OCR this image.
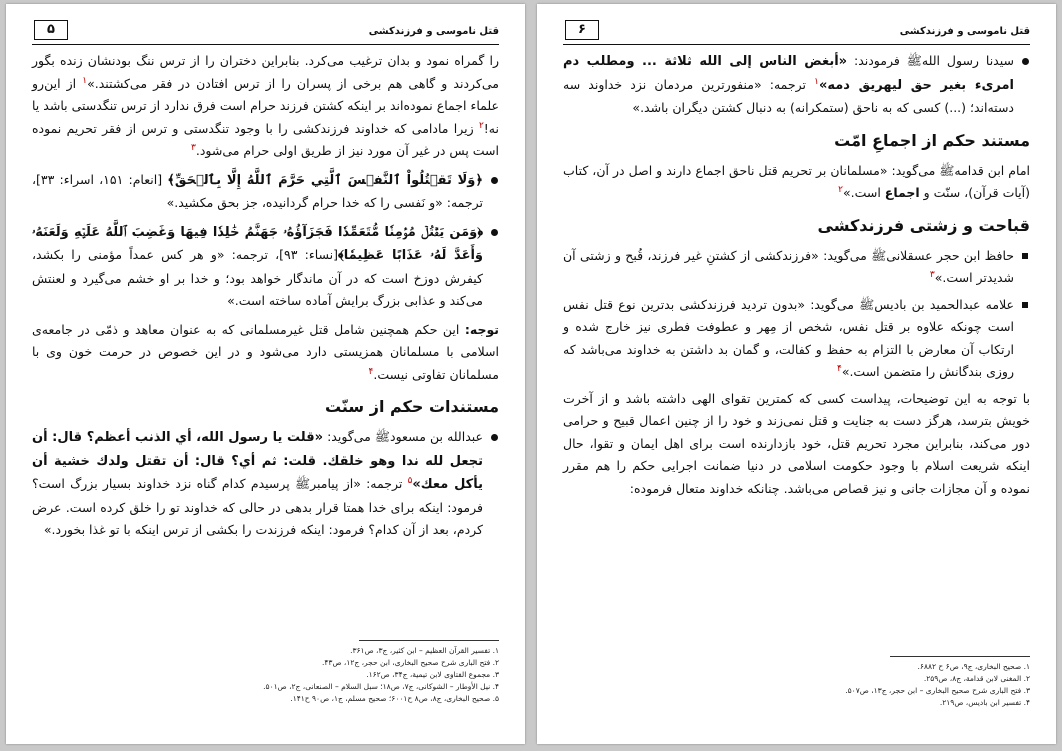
قتل ناموسی و فرزندکشی
۵

را گمراه نمود و بدان ترغیب می‌کرد. بنابراین دختران را از ترس ننگ بودنشان زنده بگور می‌کردند و گاهی هم برخی از پسران را از ترس افتادن در فقر می‌کشتند.»$^۱$ از این‌رو علماء اجماع نموده‌اند بر اینکه کشتن فرزند حرام است فرق ندارد از ترس تنگدستی باشد یا نه!$^۲$ زیرا مادامی که خداوند فرزندکشی را با وجود تنگدستی و ترس از فقر تحریم نموده است پس در غیر آن مورد نیز از طریق اولی حرام می‌شود.$^۳$

﴿وَلَا تَقۡتُلُواْ ٱلنَّفۡسَ ٱلَّتِي حَرَّمَ ٱللَّهُ إِلَّا بِٱلۡحَقِّ﴾ [انعام: ۱۵۱، اسراء: ۳۳]، ترجمه: «و نَفسی را که خدا حرام گردانیده، جز بحق مکشید.»

﴿وَمَن يَقۡتُلۡ مُؤۡمِنٗا مُّتَعَمِّدٗا فَجَزَآؤُهُۥ جَهَنَّمُ خَٰلِدٗا فِيهَا وَغَضِبَ ٱللَّهُ عَلَيۡهِ وَلَعَنَهُۥ وَأَعَدَّ لَهُۥ عَذَابًا عَظِيمٗا﴾[نساء: ۹۳]، ترجمه: «و هر کس عمداً مؤمنی را بکشد، کیفرش دوزخ است که در آن ماندگار خواهد بود؛ و خدا بر او خشم می‌گیرد و لعنتش می‌کند و عذابی بزرگ برایش آماده ساخته است.»

توجه: این حکم همچنین شامل قتل غیرمسلمانی که به عنوان معاهد و ذمّی در جامعه‌ی اسلامی با مسلمانان همزیستی دارد می‌شود و در این خصوص در حرمت خون وی با مسلمانان تفاوتی نیست.$^۴$

مستندات حکم از سنّت

عبدالله بن مسعودﷺ می‌گوید: «قلت يا رسول الله، أي الذنب أعظم؟ قال: أن تجعل لله ندا وهو خلقك. قلت: ثم أي؟ قال: أن تقتل ولدك خشية أن يأكل معك»$^۵$ ترجمه: «از پیامبرﷺ پرسیدم کدام گناه نزد خداوند بسیار بزرگ است؟ فرمود: اینکه برای خدا همتا قرار بدهی در حالی که خداوند تو را خلق کرده است. عرض کردم، بعد از آن کدام؟ فرمود: اینکه فرزندت را بکشی از ترس اینکه با تو غذا بخورد.»

۱. تفسیر القرآن العظیم – ابن کثیر، ج۳، ص۳۶۱.
۲. فتح الباری شرح صحیح البخاری، ابن حجر، ج۱۲، ص۴۳.
۳. مجموع الفتاوی لابن تیمیة، ج۳۴، ص۱۶۲.
۴. نیل الأوطار – الشوکانی، ج۷، ص۱۸؛ سبل السلام – الصنعانی، ج۲، ص۵۰۱.
۵. صحیح البخاری، ج۸، ص۸ ح۶۰۰۱؛ صحیح مسلم، ج۱، ص۹۰ ح۱۴۱.
قتل ناموسی و فرزندکشی
۶

سیدنا رسول اللهﷺ فرمودند: «أبغض الناس إلى الله ثلاثة ... ومطلب دم امرىء بغير حق ليهريق دمه»$^۱$ ترجمه: «منفورترین مردمان نزد خداوند سه دسته‌اند؛ (...) کسی که به ناحق (ستمکرانه) به دنبال کشتن دیگران باشد.»

مستند حکم از اجماعِ امّت

امام ابن قدامهﷺ می‌گوید: «مسلمانان بر تحریم قتل ناحق اجماع دارند و اصل در آن، کتاب (آیات قرآن)، سنّت و اجماع است.»$^۲$

قباحت و زشتی فرزندکشی

حافظ ابن حجر عسقلانیﷺ می‌گوید: «فرزندکشی از کشتنِ غیر فرزند، قُبح و زشتی آن شدیدتر است.»$^۳$

علامه عبدالحمید بن بادیسﷺ می‌گوید: «بدون تردید فرزندکشی بدترین نوع قتل نفس است چونکه علاوه بر قتل نفس، شخص از مِهر و عطوفت فطری نیز خارج شده و ارتکاب آن معارض با التزام به حفظ و کفالت، و گمان بد داشتن به خداوند می‌باشد که روزی بندگانش را متضمن است.»$^۴$

با توجه به این توضیحات، پیداست کسی که کمترین تقوای الهی داشته باشد و از آخرت خویش بترسد، هرگز دست به جنایت و قتل نمی‌زند و خود را از چنین اعمال قبیح و حرامی دور می‌کند، بنابراین مجرد تحریم قتل، خود بازدارنده است برای اهل ایمان و تقوا، حال اینکه شریعت اسلام با وجود حکومت اسلامی در دنیا ضمانت اجرایی حکم را هم مقرر نموده و آن مجازات جانی و نیز قصاص می‌باشد. چنانکه خداوند متعال فرموده:

۱. صحیح البخاری، ج۹، ص۶ ح ۶۸۸۲.
۲. المغنی لابن قدامة، ج۸، ص۲۵۹.
۳. فتح الباری شرح صحیح البخاری – ابن حجر، ج۱۳، ص۵۰۷.
۴. تفسیر ابن بادیس، ص۲۱۹.
